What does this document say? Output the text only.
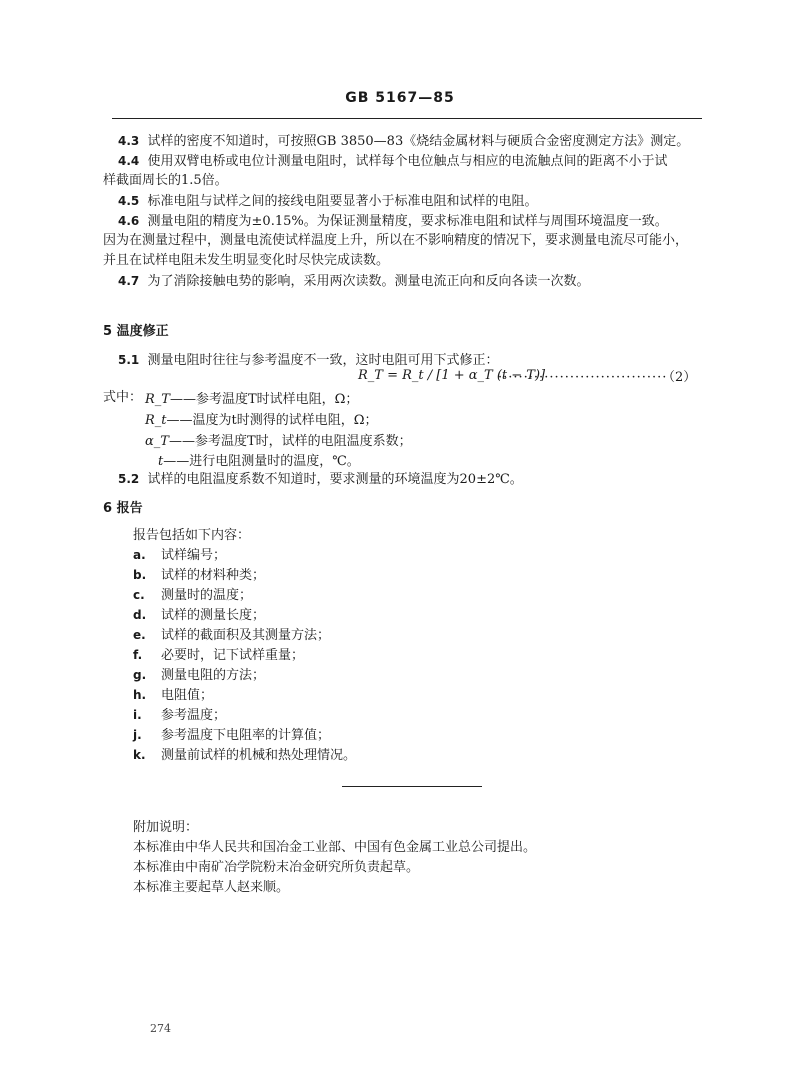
GB 5167—85
4.3 试样的密度不知道时，可按照GB 3850—83《烧结金属材料与硬质合金密度测定方法》测定。
4.4 使用双臂电桥或电位计测量电阻时，试样每个电位触点与相应的电流触点间的距离不小于试
样截面周长的1.5倍。
4.5 标准电阻与试样之间的接线电阻要显著小于标准电阻和试样的电阻。
4.6 测量电阻的精度为±0.15%。为保证测量精度，要求标准电阻和试样与周围环境温度一致。
因为在测量过程中，测量电流使试样温度上升，所以在不影响精度的情况下，要求测量电流尽可能小，
并且在试样电阻未发生明显变化时尽快完成读数。
4.7 为了消除接触电势的影响，采用两次读数。测量电流正向和反向各读一次数。
5 温度修正
5.1 测量电阻时往往与参考温度不一致，这时电阻可用下式修正：
R_T = R_t / [1 + α_T (t − T)]
·································
（2）
式中： R_T——参考温度T时试样电阻，Ω；
R_t——温度为t时测得的试样电阻，Ω；
α_T——参考温度T时，试样的电阻温度系数；
t——进行电阻测量时的温度，℃。
5.2 试样的电阻温度系数不知道时，要求测量的环境温度为20±2℃。
6 报告
报告包括如下内容：
a. 试样编号；
b. 试样的材料种类；
c. 测量时的温度；
d. 试样的测量长度；
e. 试样的截面积及其测量方法；
f. 必要时，记下试样重量；
g. 测量电阻的方法；
h. 电阻值；
i. 参考温度；
j. 参考温度下电阻率的计算值；
k. 测量前试样的机械和热处理情况。
附加说明：
本标准由中华人民共和国冶金工业部、中国有色金属工业总公司提出。
本标准由中南矿冶学院粉末冶金研究所负责起草。
本标准主要起草人赵来顺。
274
